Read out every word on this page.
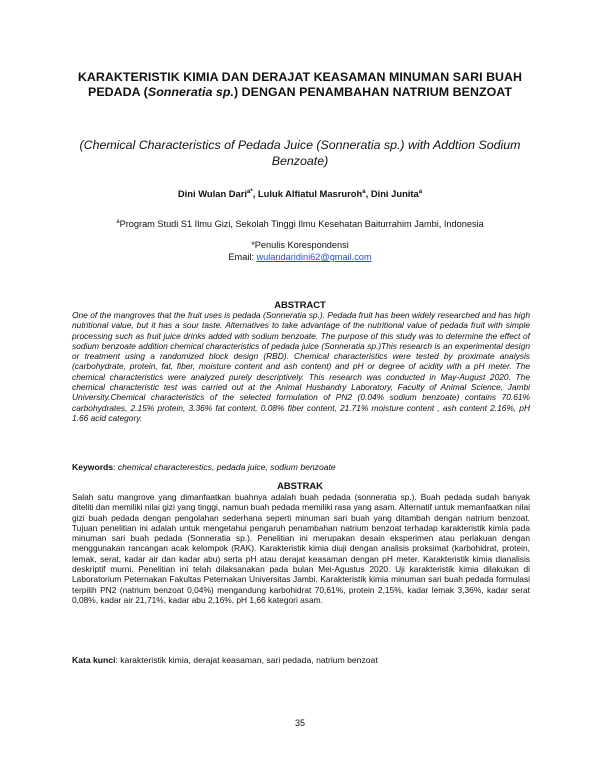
KARAKTERISTIK KIMIA DAN DERAJAT KEASAMAN MINUMAN SARI BUAH PEDADA (Sonneratia sp.) DENGAN PENAMBAHAN NATRIUM BENZOAT
(Chemical Characteristics of Pedada Juice (Sonneratia sp.) with Addtion Sodium Benzoate)
Dini Wulan Dari$^{a*}$, Luluk Alfiatul Masruroh$^a$, Dini Junita$^a$
$^a$Program Studi S1 Ilmu Gizi, Sekolah Tinggi Ilmu Kesehatan Baiturrahim Jambi, Indonesia
*Penulis Korespondensi
Email: wulandaridini62@gmail.com
ABSTRACT
One of the mangroves that the fruit uses is pedada (Sonneratia sp.). Pedada fruit has been widely researched and has high nutritional value, but it has a sour taste. Alternatives to take advantage of the nutritional value of pedada fruit with simple processing such as fruit juice drinks added with sodium benzoate. The purpose of this study was to determine the effect of sodium benzoate addition chemical characteristics of pedada juice (Sonneratia sp.)This research is an experimental design or treatment using a randomized block design (RBD). Chemical characteristics were tested by proximate analysis (carbohydrate, protein, fat, fiber, moisture content and ash content) and pH or degree of acidity with a pH meter. The chemical characteristics were analyzed purely descriptively. This research was conducted in May-August 2020. The chemical characteristic test was carried out at the Animal Husbandry Laboratory, Faculty of Animal Science, Jambi University.Chemical characteristics of the selected formulation of PN2 (0.04% sodium benzoate) contains 70.61% carbohydrates, 2.15% protein, 3.36% fat content, 0.08% fiber content, 21.71% moisture content , ash content 2.16%, pH 1.66 acid category.
Keywords: chemical characterestics, pedada juice, sodium benzoate
ABSTRAK
Salah satu mangrove yang dimanfaatkan buahnya adalah buah pedada (sonneratia sp.). Buah pedada sudah banyak diteliti dan memiliki nilai gizi yang tinggi, namun buah pedada memiliki rasa yang asam. Alternatif untuk memanfaatkan nilai gizi buah pedada dengan pengolahan sederhana seperti minuman sari buah yang ditambah dengan natrium benzoat. Tujuan penelitian ini adalah untuk mengetahui pengaruh penambahan natrium benzoat terhadap karakteristik kimia pada minuman sari buah pedada (Sonneratia sp.). Penelitian ini merupakan desain eksperimen atau perlakuan dengan menggunakan rancangan acak kelompok (RAK). Karakteristik kimia diuji dengan analisis proksimat (karbohidrat, protein, lemak, serat, kadar air dan kadar abu) serta pH atau derajat keasaman dengan pH meter. Karakteristik kimia dianalisis deskriptif murni. Penelitian ini telah dilaksanakan pada bulan Mei-Agustus 2020. Uji karakteristik kimia dilakukan di Laboratorium Peternakan Fakultas Peternakan Universitas Jambi. Karakteristik kimia minuman sari buah pedada formulasi terpilih PN2 (natrium benzoat 0,04%) mengandung karbohidrat 70,61%, protein 2,15%, kadar lemak 3,36%, kadar serat 0,08%, kadar air 21,71%, kadar abu 2,16%, pH 1,66 kategori asam.
Kata kunci: karakteristik kimia, derajat keasaman, sari pedada, natrium benzoat
35
